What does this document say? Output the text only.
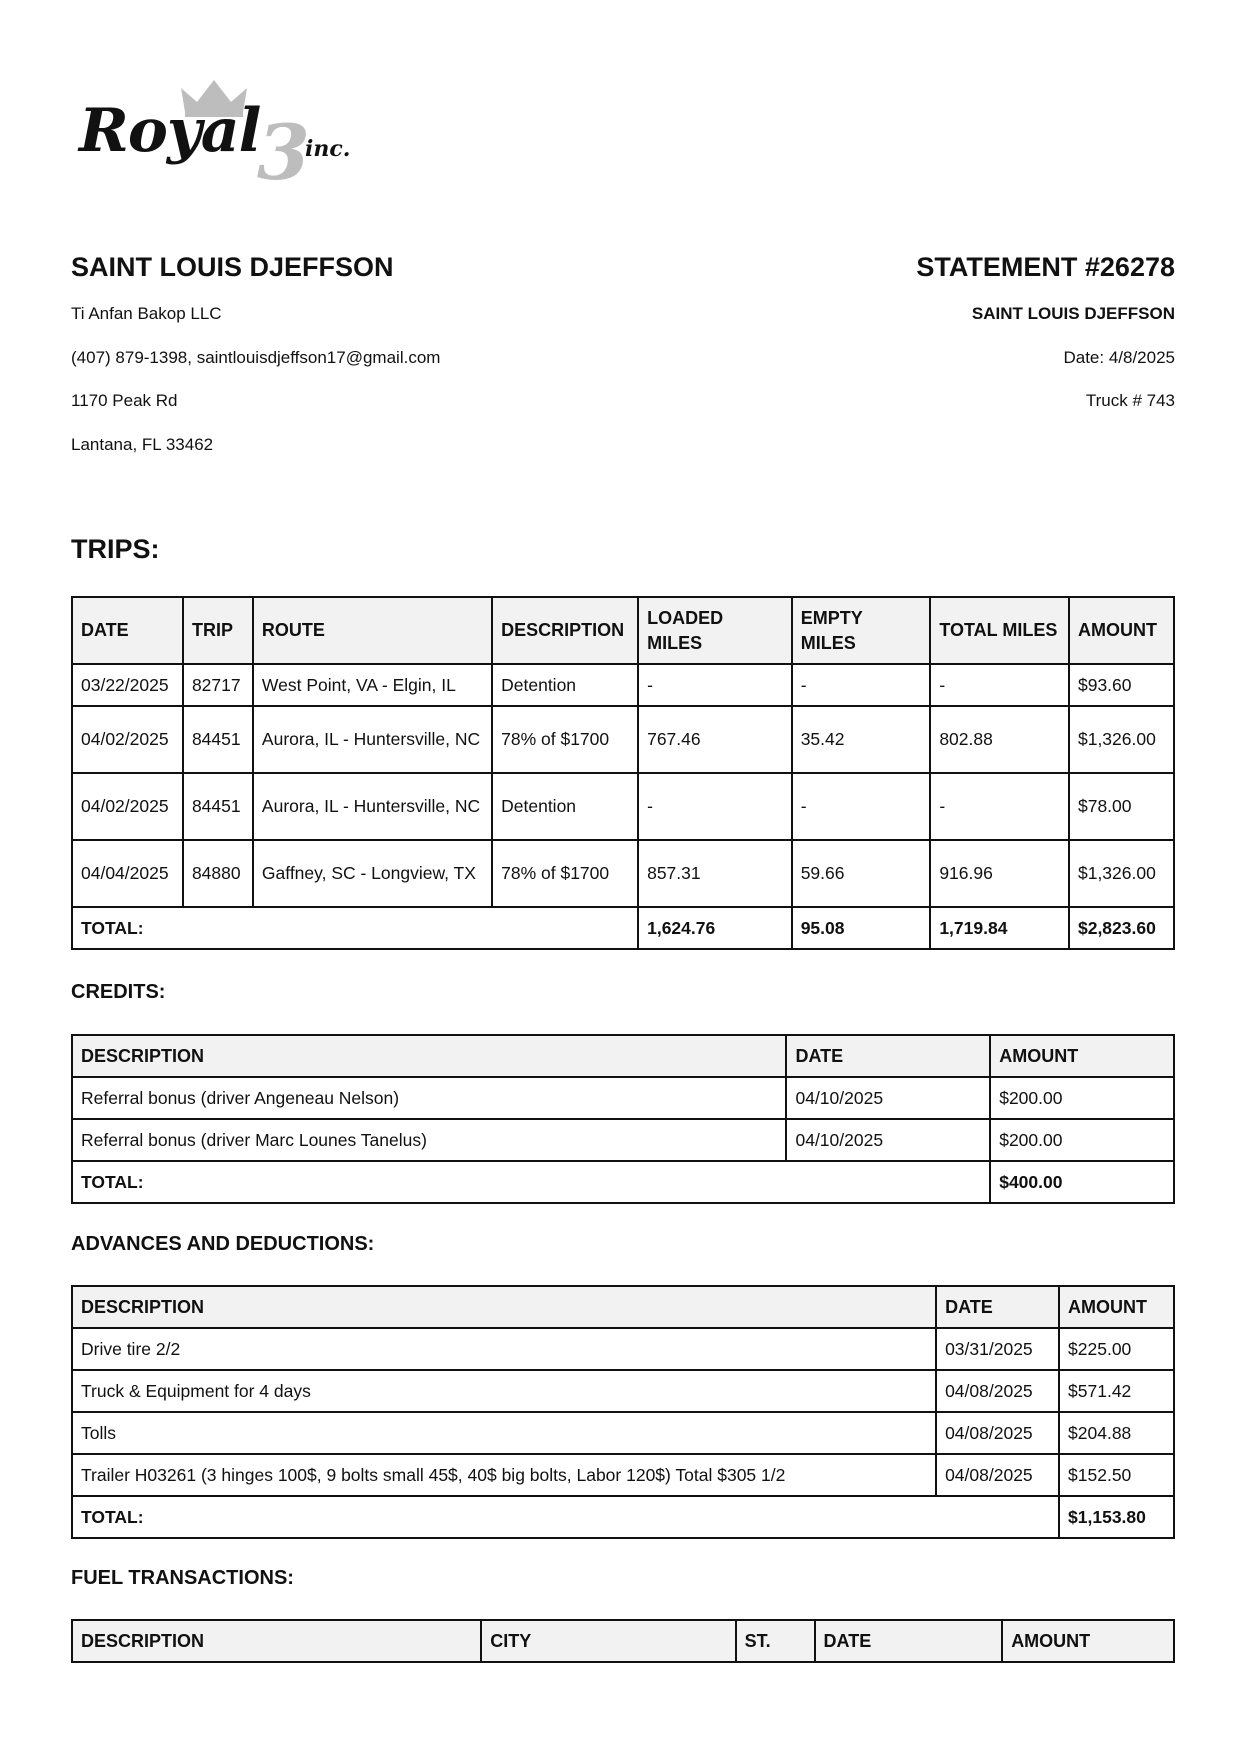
Royal
3
inc.

SAINT LOUIS DJEFFSON

Ti Anfan Bakop LLC
(407) 879-1398, saintlouisdjeffson17@gmail.com
1170 Peak Rd
Lantana, FL 33462

STATEMENT #26278

SAINT LOUIS DJEFFSON
Date: 4/8/2025
Truck # 743
TRIPS:
DATE	TRIP	ROUTE	DESCRIPTION	LOADED MILES	EMPTY MILES	TOTAL MILES	AMOUNT
03/22/2025	82717	West Point, VA - Elgin, IL	Detention	-	-	-	$93.60
04/02/2025	84451	Aurora, IL - Huntersville, NC	78% of $1700	767.46	35.42	802.88	$1,326.00
04/02/2025	84451	Aurora, IL - Huntersville, NC	Detention	-	-	-	$78.00
04/04/2025	84880	Gaffney, SC - Longview, TX	78% of $1700	857.31	59.66	916.96	$1,326.00
TOTAL:				1,624.76	95.08	1,719.84	$2,823.60
CREDITS:
DESCRIPTION	DATE	AMOUNT
Referral bonus (driver Angeneau Nelson)	04/10/2025	$200.00
Referral bonus (driver Marc Lounes Tanelus)	04/10/2025	$200.00
TOTAL:		$400.00
ADVANCES AND DEDUCTIONS:
DESCRIPTION	DATE	AMOUNT
Drive tire 2/2	03/31/2025	$225.00
Truck & Equipment for 4 days	04/08/2025	$571.42
Tolls	04/08/2025	$204.88
Trailer H03261 (3 hinges 100$, 9 bolts small 45$, 40$ big bolts, Labor 120$) Total $305 1/2	04/08/2025	$152.50
TOTAL:		$1,153.80
FUEL TRANSACTIONS:
DESCRIPTION	CITY	ST.	DATE	AMOUNT
